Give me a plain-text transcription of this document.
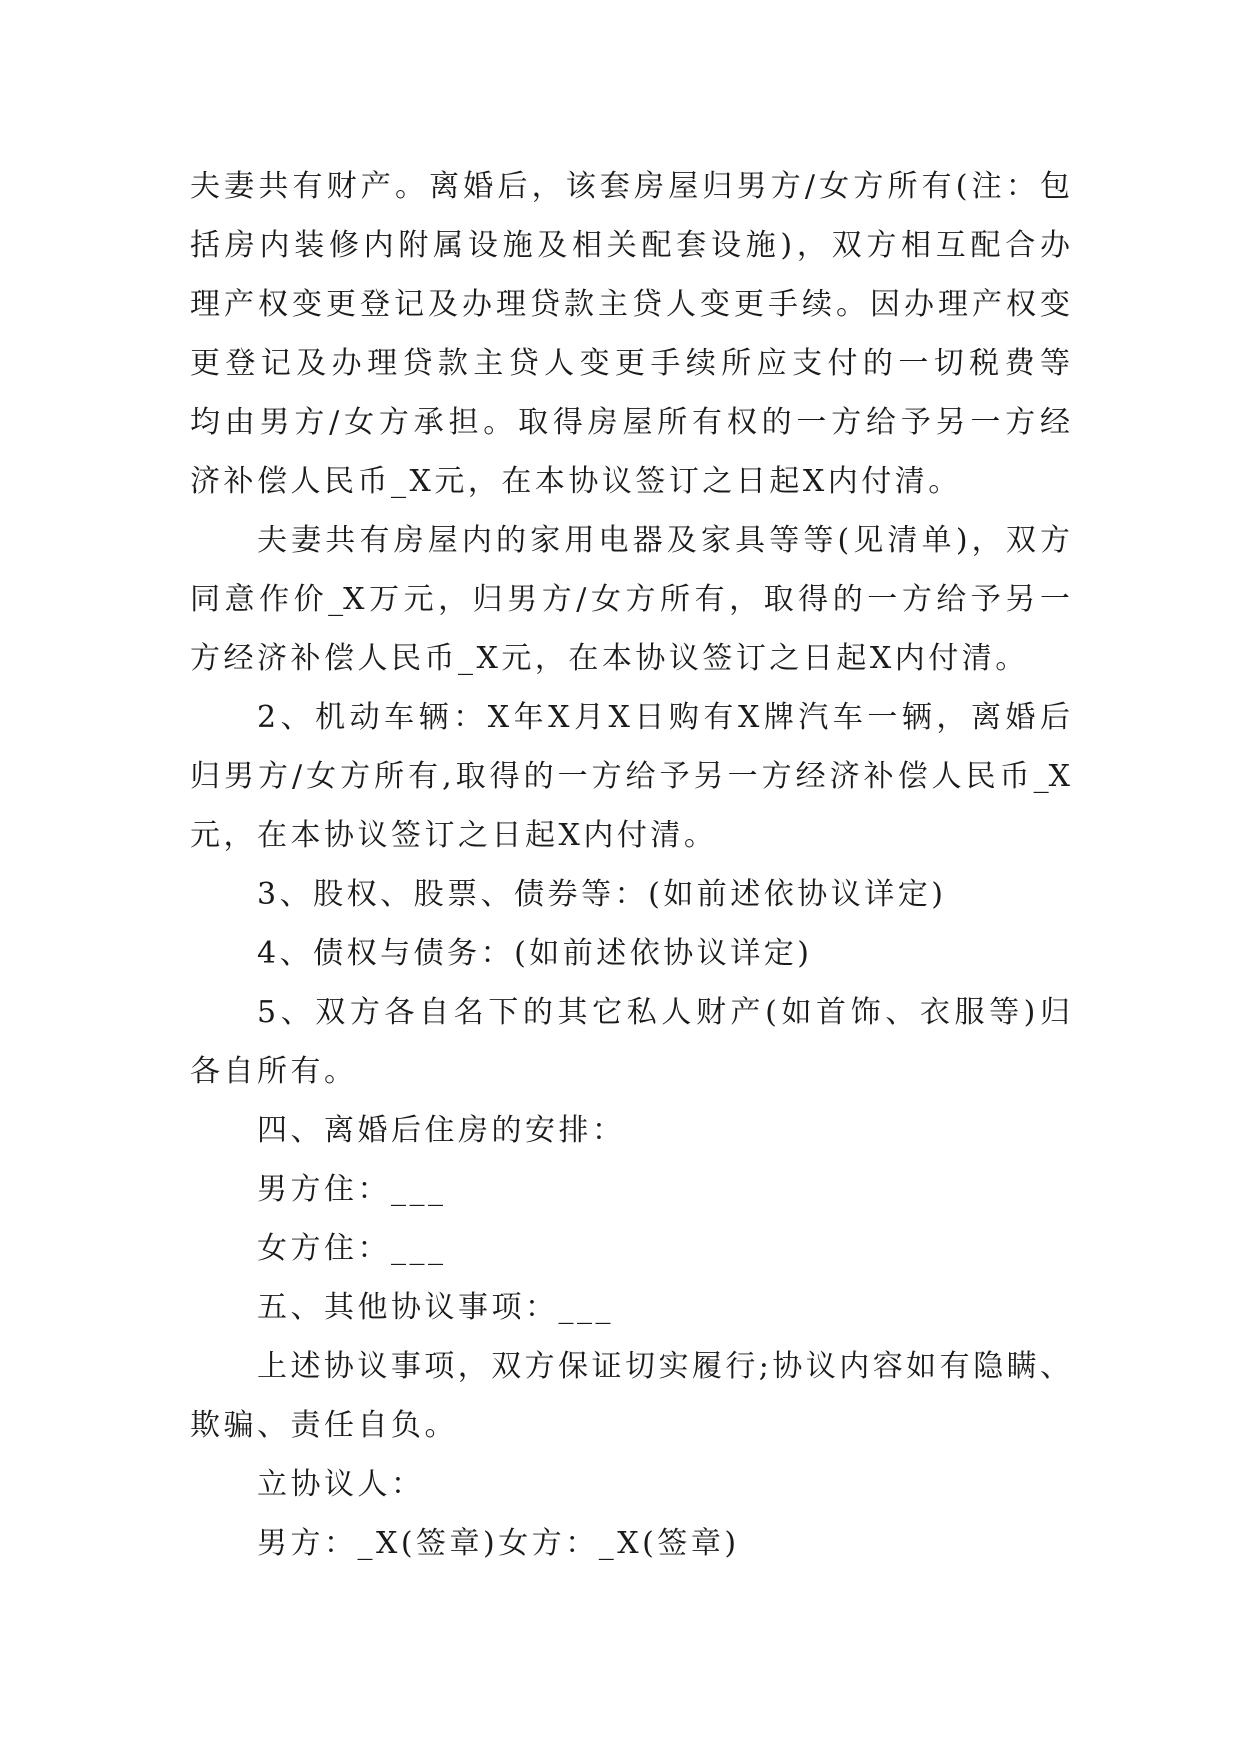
夫妻共有财产。离婚后，该套房屋归男方/女方所有(注：包
括房内装修内附属设施及相关配套设施)，双方相互配合办
理产权变更登记及办理贷款主贷人变更手续。因办理产权变
更登记及办理贷款主贷人变更手续所应支付的一切税费等
均由男方/女方承担。取得房屋所有权的一方给予另一方经
济补偿人民币_X元，在本协议签订之日起X内付清。
夫妻共有房屋内的家用电器及家具等等(见清单)，双方
同意作价_X万元，归男方/女方所有，取得的一方给予另一
方经济补偿人民币_X元，在本协议签订之日起X内付清。
2、机动车辆：X年X月X日购有X牌汽车一辆，离婚后
归男方/女方所有,取得的一方给予另一方经济补偿人民币_X
元，在本协议签订之日起X内付清。
3、股权、股票、债券等：(如前述依协议详定)
4、债权与债务：(如前述依协议详定)
5、双方各自名下的其它私人财产(如首饰、衣服等)归
各自所有。
四、离婚后住房的安排：
男方住：___
女方住：___
五、其他协议事项：___
上述协议事项，双方保证切实履行;协议内容如有隐瞒、
欺骗、责任自负。
立协议人：
男方：_X(签章)女方：_X(签章)
